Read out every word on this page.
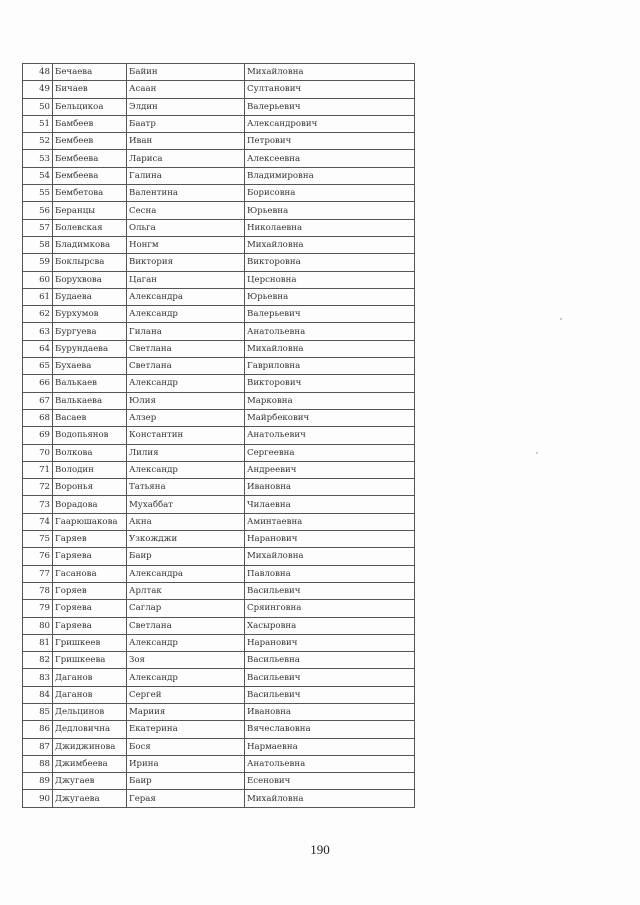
48	Бечаева	Байин	Михайловна
49	Бичаев	Асаан	Султанович
50	Бельцикоа	Элдин	Валерьевич
51	Бамбеев	Баатр	Александрович
52	Бембеев	Иван	Петрович
53	Бембеева	Лариса	Алексеевна
54	Бембеева	Галина	Владимировна
55	Бембетова	Валентина	Борисовна
56	Беранцы	Сесна	Юрьевна
57	Болевская	Ольга	Николаевна
58	Бладимкова	Нонгм	Михайловна
59	Боклырсва	Виктория	Викторовна
60	Борухвова	Цаган	Церсновна
61	Будаева	Александра	Юрьевна
62	Бурхумов	Александр	Валерьевич
63	Бургуева	Гилана	Анатольевна
64	Бурундаева	Светлана	Михайловна
65	Бухаева	Светлана	Гавриловна
66	Валькаев	Александр	Викторович
67	Валькаева	Юлия	Марковна
68	Васаев	Алзер	Майрбекович
69	Водопьянов	Константин	Анатольевич
70	Волкова	Лилия	Сергеевна
71	Володин	Александр	Андреевич
72	Воронья	Татьяна	Ивановна
73	Ворадова	Мухаббат	Чилаевна
74	Гаарюшакова	Акна	Аминтаевна
75	Гаряев	Узкожджи	Наранович
76	Гаряева	Баир	Михайловна
77	Гасанова	Александра	Павловна
78	Горяев	Арлтак	Васильевич
79	Горяева	Саглар	Сряинговна
80	Гаряева	Светлана	Хасыровна
81	Гришкеев	Александр	Наранович
82	Гришкеева	Зоя	Васильевна
83	Даганов	Александр	Васильевич
84	Даганов	Сергей	Васильевич
85	Дельцинов	Мариия	Ивановна
86	Дедловична	Екатерина	Вячеславовна
87	Джиджинова	Бося	Нармаевна
88	Джимбеева	Ирина	Анатольевна
89	Джугаев	Баир	Есенович
90	Джугаева	Герая	Михайловна
190
